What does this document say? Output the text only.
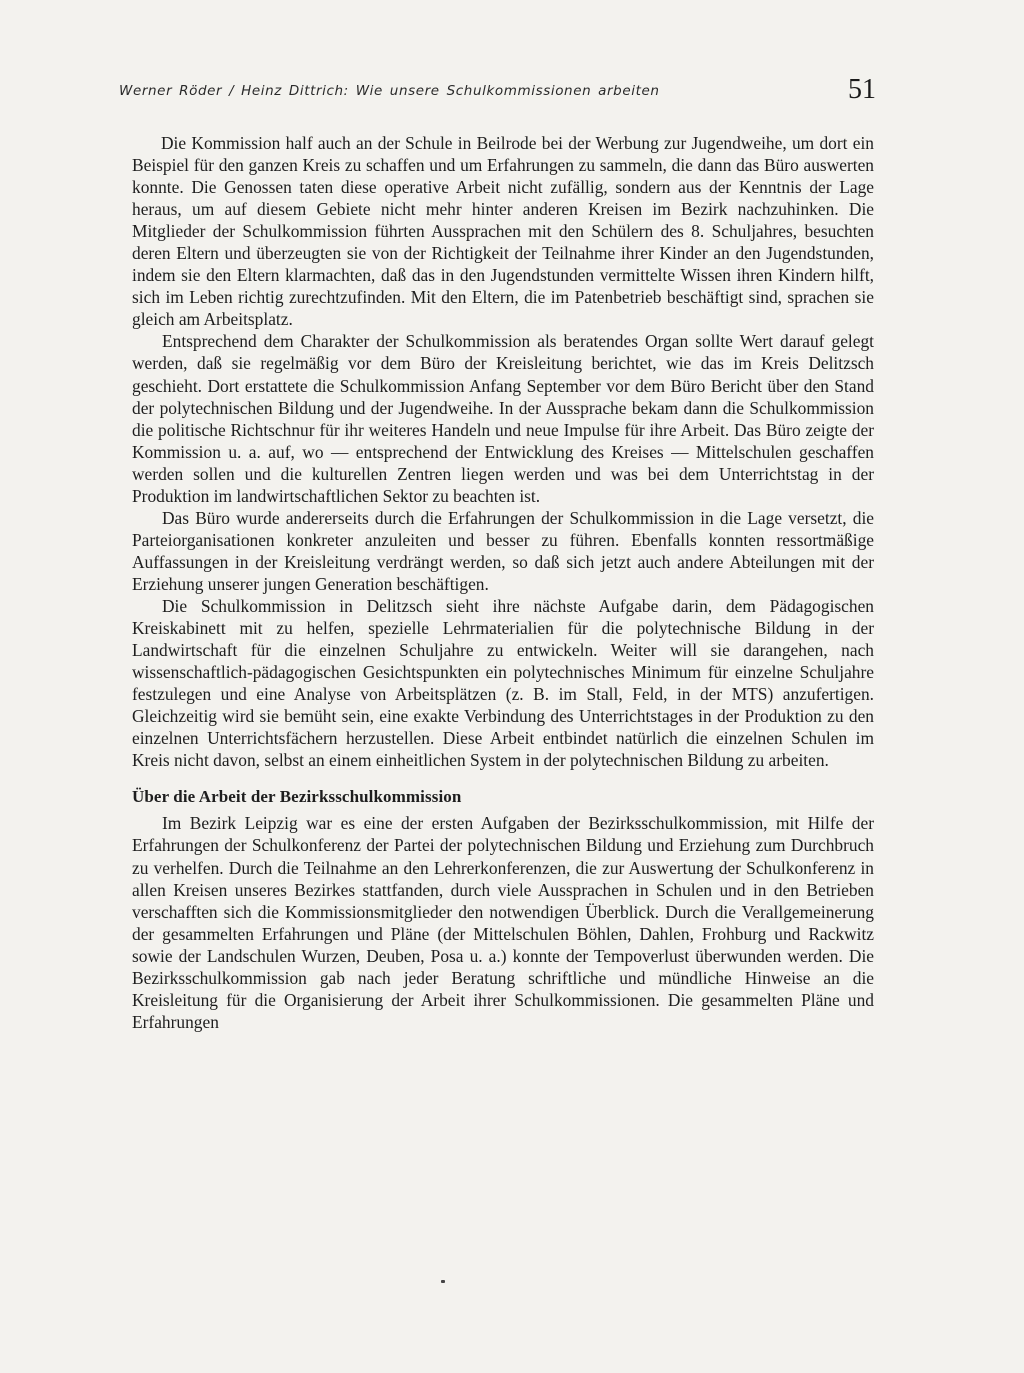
Werner Röder / Heinz Dittrich: Wie unsere Schulkommissionen arbeiten	51

Die Kommission half auch an der Schule in Beilrode bei der Werbung zur Jugendweihe, um dort ein Beispiel für den ganzen Kreis zu schaffen und um Erfahrungen zu sammeln, die dann das Büro auswerten konnte. Die Genossen taten diese operative Arbeit nicht zufällig, sondern aus der Kenntnis der Lage heraus, um auf diesem Gebiete nicht mehr hinter anderen Kreisen im Bezirk nachzuhinken. Die Mitglieder der Schulkommission führten Aussprachen mit den Schülern des 8. Schuljahres, besuchten deren Eltern und überzeugten sie von der Richtigkeit der Teilnahme ihrer Kinder an den Jugendstunden, indem sie den Eltern klarmachten, daß das in den Jugendstunden vermittelte Wissen ihren Kindern hilft, sich im Leben richtig zurechtzufinden. Mit den Eltern, die im Patenbetrieb beschäftigt sind, sprachen sie gleich am Arbeitsplatz.

Entsprechend dem Charakter der Schulkommission als beratendes Organ sollte Wert darauf gelegt werden, daß sie regelmäßig vor dem Büro der Kreisleitung berichtet, wie das im Kreis Delitzsch geschieht. Dort erstattete die Schulkommission Anfang September vor dem Büro Bericht über den Stand der polytechnischen Bildung und der Jugendweihe. In der Aussprache bekam dann die Schulkommission die politische Richtschnur für ihr weiteres Handeln und neue Impulse für ihre Arbeit. Das Büro zeigte der Kommission u. a. auf, wo — entsprechend der Entwicklung des Kreises — Mittelschulen geschaffen werden sollen und die kulturellen Zentren liegen werden und was bei dem Unterrichtstag in der Produktion im landwirtschaftlichen Sektor zu beachten ist.

Das Büro wurde andererseits durch die Erfahrungen der Schulkommission in die Lage versetzt, die Parteiorganisationen konkreter anzuleiten und besser zu führen. Ebenfalls konnten ressortmäßige Auffassungen in der Kreisleitung verdrängt werden, so daß sich jetzt auch andere Abteilungen mit der Erziehung unserer jungen Generation beschäftigen.

Die Schulkommission in Delitzsch sieht ihre nächste Aufgabe darin, dem Pädagogischen Kreiskabinett mit zu helfen, spezielle Lehrmaterialien für die polytechnische Bildung in der Landwirtschaft für die einzelnen Schuljahre zu entwickeln. Weiter will sie darangehen, nach wissenschaftlich-pädagogischen Gesichtspunkten ein polytechnisches Minimum für einzelne Schuljahre festzulegen und eine Analyse von Arbeitsplätzen (z. B. im Stall, Feld, in der MTS) anzufertigen. Gleichzeitig wird sie bemüht sein, eine exakte Verbindung des Unterrichtstages in der Produktion zu den einzelnen Unterrichtsfächern herzustellen. Diese Arbeit entbindet natürlich die einzelnen Schulen im Kreis nicht davon, selbst an einem einheitlichen System in der polytechnischen Bildung zu arbeiten.

Über die Arbeit der Bezirksschulkommission

Im Bezirk Leipzig war es eine der ersten Aufgaben der Bezirksschulkommission, mit Hilfe der Erfahrungen der Schulkonferenz der Partei der polytechnischen Bildung und Erziehung zum Durchbruch zu verhelfen. Durch die Teilnahme an den Lehrerkonferenzen, die zur Auswertung der Schulkonferenz in allen Kreisen unseres Bezirkes stattfanden, durch viele Aussprachen in Schulen und in den Betrieben verschafften sich die Kommissionsmitglieder den notwendigen Überblick. Durch die Verallgemeinerung der gesammelten Erfahrungen und Pläne (der Mittelschulen Böhlen, Dahlen, Frohburg und Rackwitz sowie der Landschulen Wurzen, Deuben, Posa u. a.) konnte der Tempoverlust überwunden werden. Die Bezirksschulkommission gab nach jeder Beratung schriftliche und mündliche Hinweise an die Kreisleitung für die Organisierung der Arbeit ihrer Schulkommissionen. Die gesammelten Pläne und Erfahrungen
